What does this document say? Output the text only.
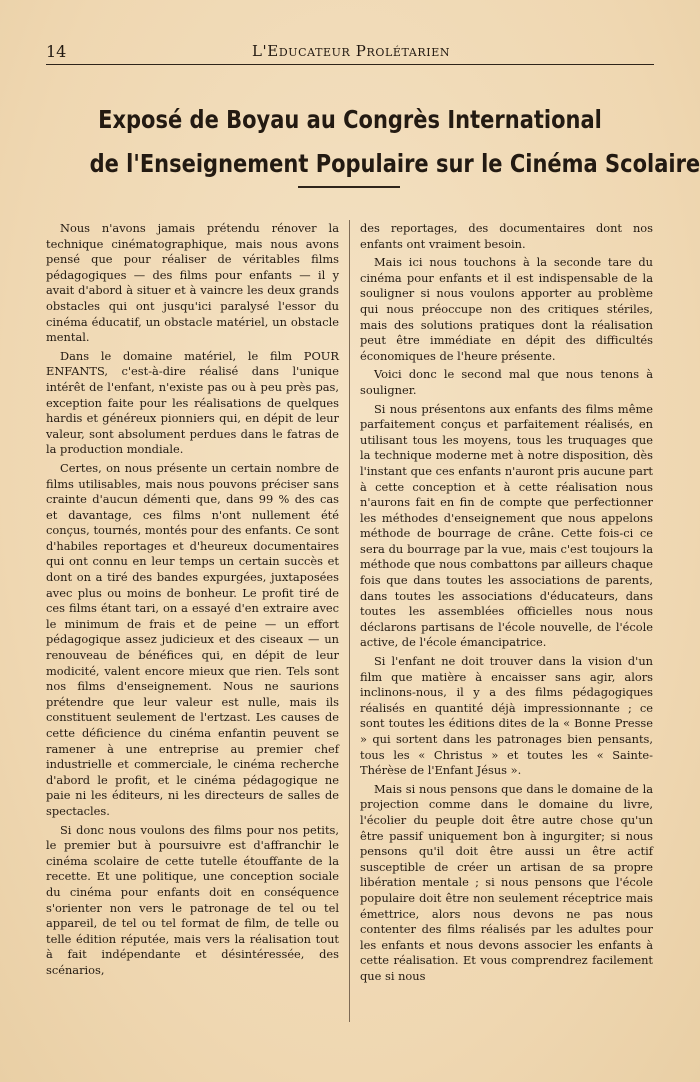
14	L'Educateur Prolétarien
Exposé de Boyau au Congrès International
de l'Enseignement Populaire sur le Cinéma Scolaire

Nous n'avons jamais prétendu rénover la technique cinématographique, mais nous avons pensé que pour réaliser de véritables films pédagogiques — des films pour enfants — il y avait d'abord à situer et à vaincre les deux grands obstacles qui ont jusqu'ici paralysé l'essor du cinéma éducatif, un obstacle matériel, un obstacle mental.

Dans le domaine matériel, le film POUR ENFANTS, c'est-à-dire réalisé dans l'unique intérêt de l'enfant, n'existe pas ou à peu près pas, exception faite pour les réalisations de quelques hardis et généreux pionniers qui, en dépit de leur valeur, sont absolument perdues dans le fatras de la production mondiale.

Certes, on nous présente un certain nombre de films utilisables, mais nous pouvons préciser sans crainte d'aucun démenti que, dans 99 % des cas et davantage, ces films n'ont nullement été conçus, tournés, montés pour des enfants. Ce sont d'habiles reportages et d'heureux documentaires qui ont connu en leur temps un certain succès et dont on a tiré des bandes expurgées, juxtaposées avec plus ou moins de bonheur. Le profit tiré de ces films étant tari, on a essayé d'en extraire avec le minimum de frais et de peine — un effort pédagogique assez judicieux et des ciseaux — un renouveau de bénéfices qui, en dépit de leur modicité, valent encore mieux que rien. Tels sont nos films d'enseignement. Nous ne saurions prétendre que leur valeur est nulle, mais ils constituent seulement de l'ertzast. Les causes de cette déficience du cinéma enfantin peuvent se ramener à une entreprise au premier chef industrielle et commerciale, le cinéma recherche d'abord le profit, et le cinéma pédagogique ne paie ni les éditeurs, ni les directeurs de salles de spectacles.

Si donc nous voulons des films pour nos petits, le premier but à poursuivre est d'affranchir le cinéma scolaire de cette tutelle étouffante de la recette. Et une politique, une conception sociale du cinéma pour enfants doit en conséquence s'orienter non vers le patronage de tel ou tel appareil, de tel ou tel format de film, de telle ou telle édition réputée, mais vers la réalisation tout à fait indépendante et désintéressée, des scénarios,

des reportages, des documentaires dont nos enfants ont vraiment besoin.

Mais ici nous touchons à la seconde tare du cinéma pour enfants et il est indispensable de la souligner si nous voulons apporter au problème qui nous préoccupe non des critiques stériles, mais des solutions pratiques dont la réalisation peut être immédiate en dépit des difficultés économiques de l'heure présente.

Voici donc le second mal que nous tenons à souligner.

Si nous présentons aux enfants des films même parfaitement conçus et parfaitement réalisés, en utilisant tous les moyens, tous les truquages que la technique moderne met à notre disposition, dès l'instant que ces enfants n'auront pris aucune part à cette conception et à cette réalisation nous n'aurons fait en fin de compte que perfectionner les méthodes d'enseignement que nous appelons méthode de bourrage de crâne. Cette fois-ci ce sera du bourrage par la vue, mais c'est toujours la méthode que nous combattons par ailleurs chaque fois que dans toutes les associations de parents, dans toutes les associations d'éducateurs, dans toutes les assemblées officielles nous nous déclarons partisans de l'école nouvelle, de l'école active, de l'école émancipatrice.

Si l'enfant ne doit trouver dans la vision d'un film que matière à encaisser sans agir, alors inclinons-nous, il y a des films pédagogiques réalisés en quantité déjà impressionnante ; ce sont toutes les éditions dites de la « Bonne Presse » qui sortent dans les patronages bien pensants, tous les « Christus » et toutes les « Sainte-Thérèse de l'Enfant Jésus ».

Mais si nous pensons que dans le domaine de la projection comme dans le domaine du livre, l'écolier du peuple doit être autre chose qu'un être passif uniquement bon à ingurgiter; si nous pensons qu'il doit être aussi un être actif susceptible de créer un artisan de sa propre libération mentale ; si nous pensons que l'école populaire doit être non seulement réceptrice mais émettrice, alors nous devons ne pas nous contenter des films réalisés par les adultes pour les enfants et nous devons associer les enfants à cette réalisation. Et vous comprendrez facilement que si nous
